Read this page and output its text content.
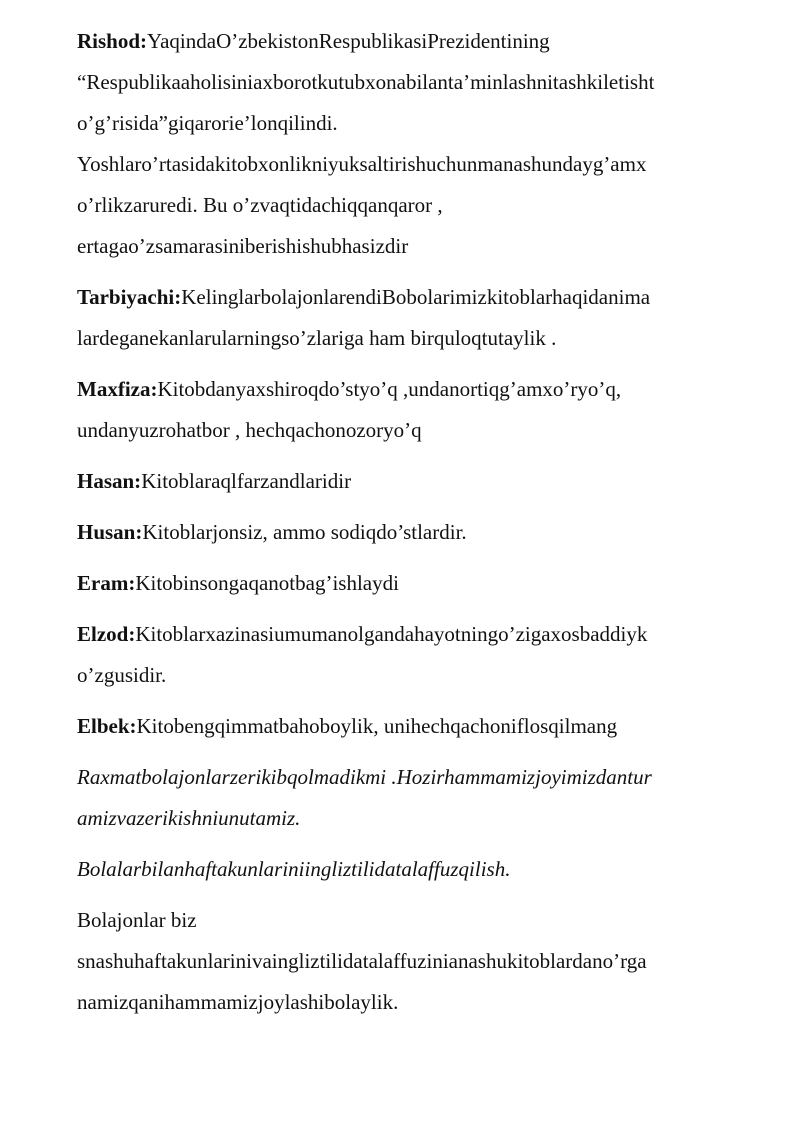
Rishod:YaqindaO’zbekistonRespublikasiPrezidentining
“Respublikaaholisiniaxborotkutubxonabilanta’minlashnitashkiletisht
o’g’risida”giqarorie’lonqilindi.
Yoshlaro’rtasidakitobxonlikniyuksaltirishuchunmanashundayg’amx
o’rlikzaruredi. Bu o’zvaqtidachiqqanqaror ,
ertagao’zsamarasiniberishishubhasizdir
Tarbiyachi:KelinglarbolajonlarendiBobolarimizkitoblarhaqidanima
lardeganekanlarularningso’zlariga ham birquloqtutaylik .
Maxfiza:Kitobdanyaxshiroqdo’styo’q ,undanortiqg’amxo’ryo’q,
undanyuzrohatbor , hechqachonozoryo’q
Hasan:Kitoblaraqlfarzandlaridir
Husan:Kitoblarjonsiz, ammo sodiqdo’stlardir.
Eram:Kitobinsongaqanotbag’ishlaydi
Elzod:Kitoblarxazinasiumumanolgandahayotningo’zigaxosbaddiyk
o’zgusidir.
Elbek:Kitobengqimmatbahoboylik, unihechqachoniflosqilmang
Raxmatbolajonlarzerikibqolmadikmi .Hozirhammamizjoyimizdantur
amizvazerikishniunutamiz.
Bolalarbilanhaftakunlariniingliztilidatalaffuzqilish.
Bolajonlar biz
snashuhaftakunlarinivaingliztilidatalaffuzinianashukitoblardano’rga
namizqanihammamizjoylashibolaylik.
